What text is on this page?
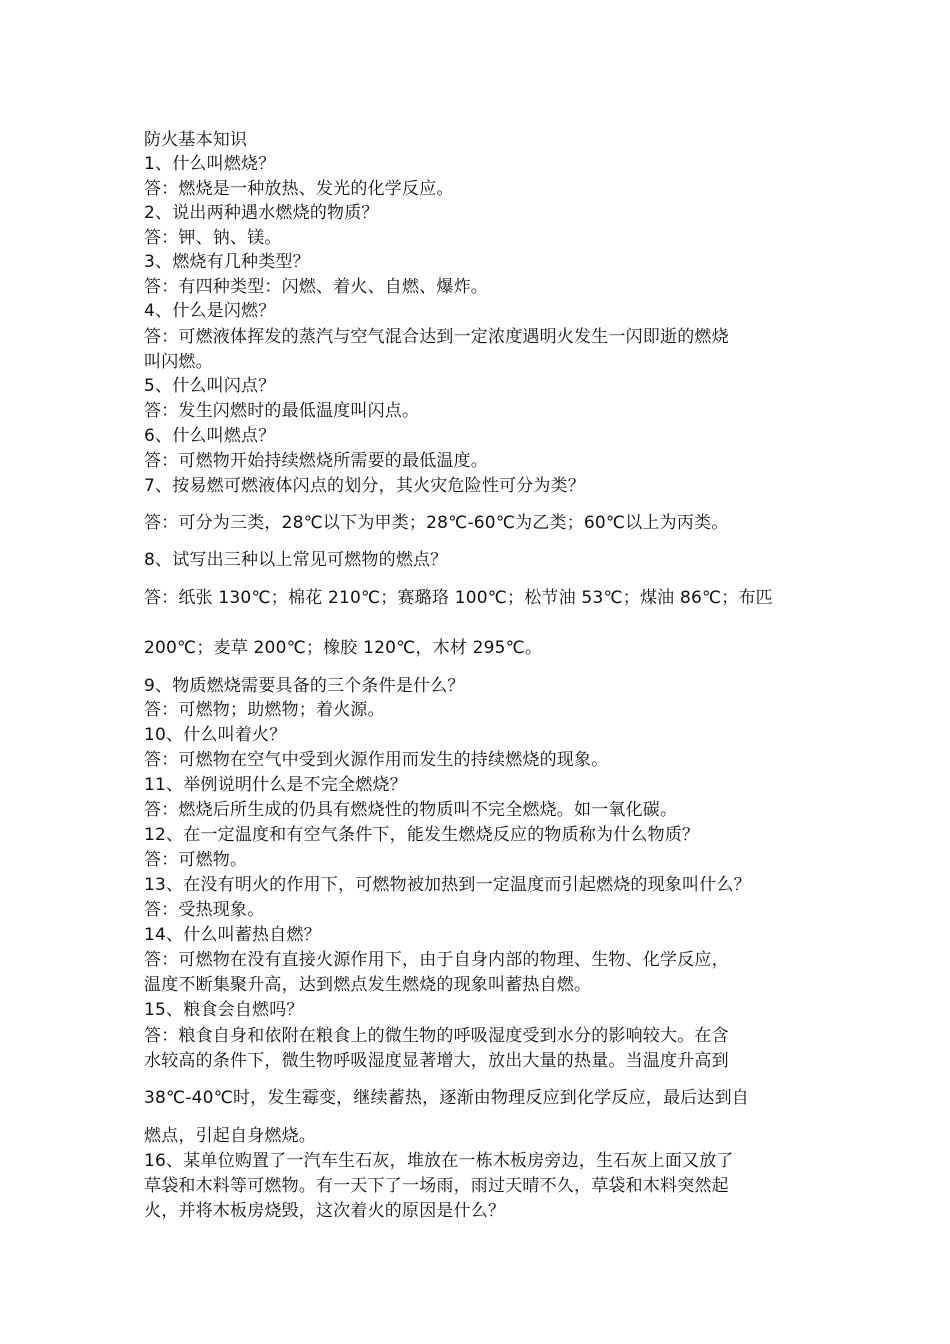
防火基本知识

1、什么叫燃烧？

答：燃烧是一种放热、发光的化学反应。

2、说出两种遇水燃烧的物质？

答：钾、钠、镁。

3、燃烧有几种类型？

答：有四种类型：闪燃、着火、自燃、爆炸。

4、什么是闪燃？

答：可燃液体挥发的蒸汽与空气混合达到一定浓度遇明火发生一闪即逝的燃烧

叫闪燃。

5、什么叫闪点？

答：发生闪燃时的最低温度叫闪点。

6、什么叫燃点？

答：可燃物开始持续燃烧所需要的最低温度。

7、按易燃可燃液体闪点的划分，其火灾危险性可分为类？

答：可分为三类，28℃以下为甲类；28℃-60℃为乙类；60℃以上为丙类。

8、试写出三种以上常见可燃物的燃点？

答：纸张 130℃；棉花 210℃；赛璐珞 100℃；松节油 53℃；煤油 86℃；布匹

200℃；麦草 200℃；橡胶 120℃，木材 295℃。

9、物质燃烧需要具备的三个条件是什么？

答：可燃物；助燃物；着火源。

10、什么叫着火？

答：可燃物在空气中受到火源作用而发生的持续燃烧的现象。

11、举例说明什么是不完全燃烧？

答：燃烧后所生成的仍具有燃烧性的物质叫不完全燃烧。如一氧化碳。

12、在一定温度和有空气条件下，能发生燃烧反应的物质称为什么物质？

答：可燃物。

13、在没有明火的作用下，可燃物被加热到一定温度而引起燃烧的现象叫什么？

答：受热现象。

14、什么叫蓄热自燃？

答：可燃物在没有直接火源作用下，由于自身内部的物理、生物、化学反应，

温度不断集聚升高，达到燃点发生燃烧的现象叫蓄热自燃。

15、粮食会自燃吗？

答：粮食自身和依附在粮食上的微生物的呼吸湿度受到水分的影响较大。在含

水较高的条件下，微生物呼吸湿度显著增大，放出大量的热量。当温度升高到

38℃-40℃时，发生霉变，继续蓄热，逐渐由物理反应到化学反应，最后达到自

燃点，引起自身燃烧。

16、某单位购置了一汽车生石灰，堆放在一栋木板房旁边，生石灰上面又放了

草袋和木料等可燃物。有一天下了一场雨，雨过天晴不久，草袋和木料突然起

火，并将木板房烧毁，这次着火的原因是什么？
